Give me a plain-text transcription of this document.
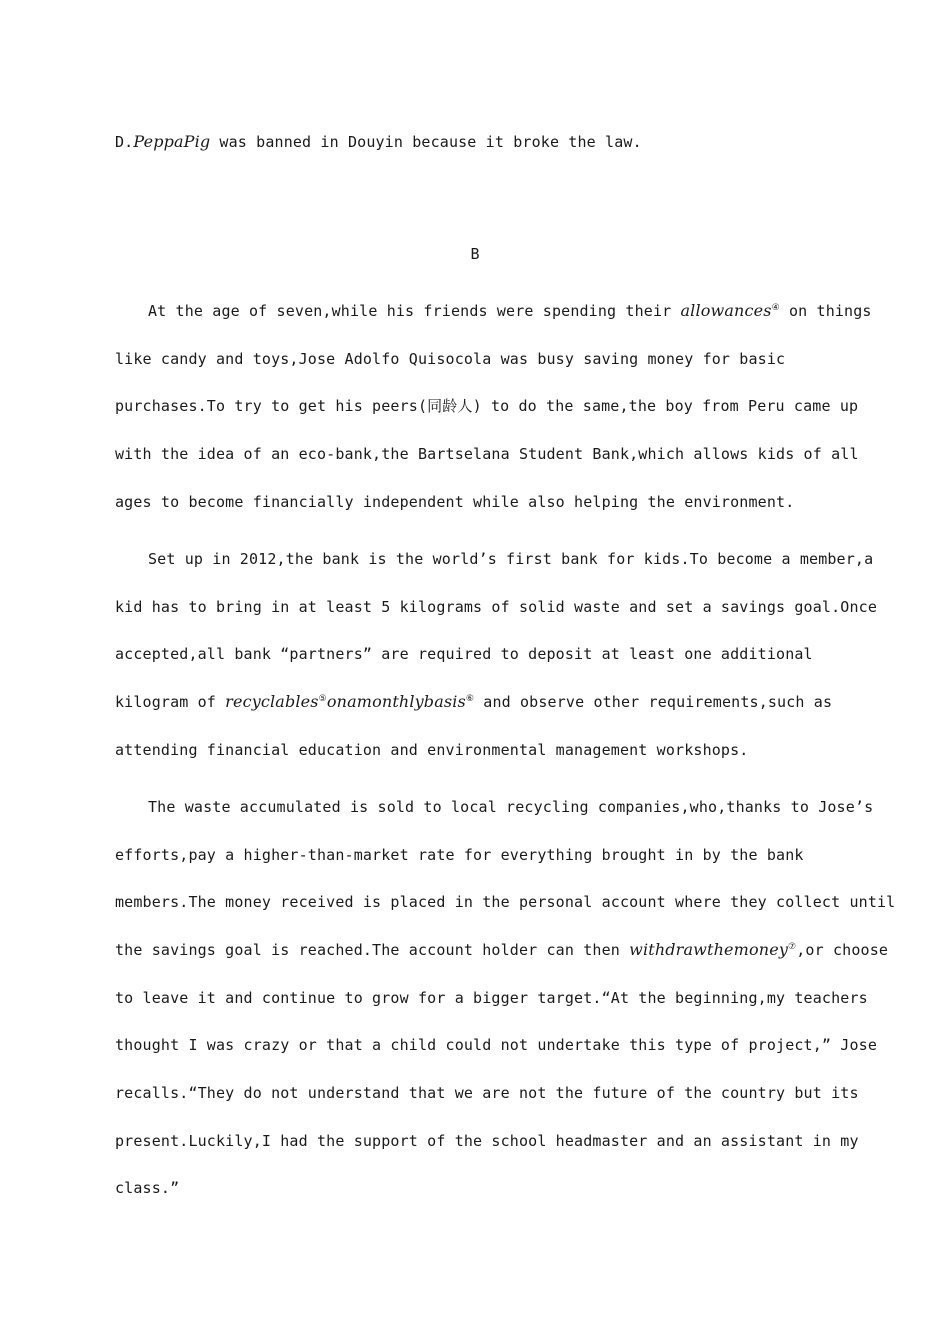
D.PeppaPig was banned in Douyin because it broke the law.
B
At the age of seven,while his friends were spending their allowances④ on things
like candy and toys,Jose Adolfo Quisocola was busy saving money for basic
purchases.To try to get his peers(同龄人) to do the same,the boy from Peru came up
with the idea of an eco-bank,the Bartselana Student Bank,which allows kids of all
ages to become financially independent while also helping the environment.
Set up in 2012,the bank is the world’s first bank for kids.To become a member,a
kid has to bring in at least 5 kilograms of solid waste and set a savings goal.Once
accepted,all bank “partners” are required to deposit at least one additional
kilogram of recyclables⑤onamonthlybasis⑥ and observe other requirements,such as
attending financial education and environmental management workshops.
The waste accumulated is sold to local recycling companies,who,thanks to Jose’s
efforts,pay a higher-than-market rate for everything brought in by the bank
members.The money received is placed in the personal account where they collect until
the savings goal is reached.The account holder can then withdrawthemoney⑦,or choose
to leave it and continue to grow for a bigger target.“At the beginning,my teachers
thought I was crazy or that a child could not undertake this type of project,” Jose
recalls.“They do not understand that we are not the future of the country but its
present.Luckily,I had the support of the school headmaster and an assistant in my
class.”
